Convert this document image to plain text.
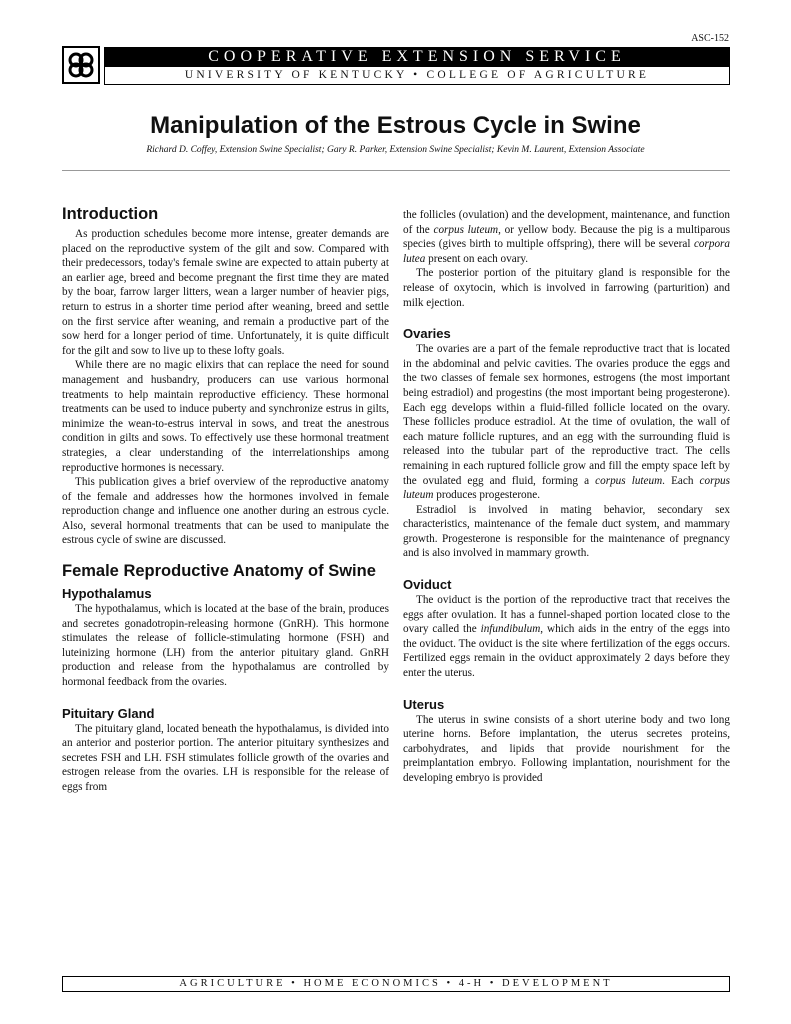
ASC-152
COOPERATIVE EXTENSION SERVICE
UNIVERSITY OF KENTUCKY • COLLEGE OF AGRICULTURE
Manipulation of the Estrous Cycle in Swine
Richard D. Coffey, Extension Swine Specialist; Gary R. Parker, Extension Swine Specialist; Kevin M. Laurent, Extension Associate
Introduction

As production schedules become more intense, greater demands are placed on the reproductive system of the gilt and sow. Compared with their predecessors, today's female swine are expected to attain puberty at an earlier age, breed and become pregnant the first time they are mated by the boar, farrow larger litters, wean a larger number of heavier pigs, return to estrus in a shorter time period after weaning, breed and settle on the first service after weaning, and remain a productive part of the sow herd for a longer period of time. Unfortunately, it is quite difficult for the gilt and sow to live up to these lofty goals.

While there are no magic elixirs that can replace the need for sound management and husbandry, producers can use various hormonal treatments to help maintain reproductive efficiency. These hormonal treatments can be used to induce puberty and synchronize estrus in gilts, minimize the wean-to-estrus interval in sows, and treat the anestrous condition in gilts and sows. To effectively use these hormonal treatment strategies, a clear understanding of the interrelationships among reproductive hormones is necessary.

This publication gives a brief overview of the reproductive anatomy of the female and addresses how the hormones involved in female reproduction change and influence one another during an estrous cycle. Also, several hormonal treatments that can be used to manipulate the estrous cycle of swine are discussed.

Female Reproductive Anatomy of Swine
Hypothalamus

The hypothalamus, which is located at the base of the brain, produces and secretes gonadotropin-releasing hormone (GnRH). This hormone stimulates the release of follicle-stimulating hormone (FSH) and luteinizing hormone (LH) from the anterior pituitary gland. GnRH production and release from the hypothalamus are controlled by hormonal feedback from the ovaries.

Pituitary Gland

The pituitary gland, located beneath the hypothalamus, is divided into an anterior and posterior portion. The anterior pituitary synthesizes and secretes FSH and LH. FSH stimulates follicle growth of the ovaries and estrogen release from the ovaries. LH is responsible for the release of eggs from

the follicles (ovulation) and the development, maintenance, and function of the corpus luteum, or yellow body. Because the pig is a multiparous species (gives birth to multiple offspring), there will be several corpora lutea present on each ovary.

The posterior portion of the pituitary gland is responsible for the release of oxytocin, which is involved in farrowing (parturition) and milk ejection.

Ovaries

The ovaries are a part of the female reproductive tract that is located in the abdominal and pelvic cavities. The ovaries produce the eggs and the two classes of female sex hormones, estrogens (the most important being estradiol) and progestins (the most important being progesterone). Each egg develops within a fluid-filled follicle located on the ovary. These follicles produce estradiol. At the time of ovulation, the wall of each mature follicle ruptures, and an egg with the surrounding fluid is released into the tubular part of the reproductive tract. The cells remaining in each ruptured follicle grow and fill the empty space left by the ovulated egg and fluid, forming a corpus luteum. Each corpus luteum produces progesterone.

Estradiol is involved in mating behavior, secondary sex characteristics, maintenance of the female duct system, and mammary growth. Progesterone is responsible for the maintenance of pregnancy and is also involved in mammary growth.

Oviduct

The oviduct is the portion of the reproductive tract that receives the eggs after ovulation. It has a funnel-shaped portion located close to the ovary called the infundibulum, which aids in the entry of the eggs into the oviduct. The oviduct is the site where fertilization of the eggs occurs. Fertilized eggs remain in the oviduct approximately 2 days before they enter the uterus.

Uterus

The uterus in swine consists of a short uterine body and two long uterine horns. Before implantation, the uterus secretes proteins, carbohydrates, and lipids that provide nourishment for the preimplantation embryo. Following implantation, nourishment for the developing embryo is provided

AGRICULTURE • HOME ECONOMICS • 4-H • DEVELOPMENT
